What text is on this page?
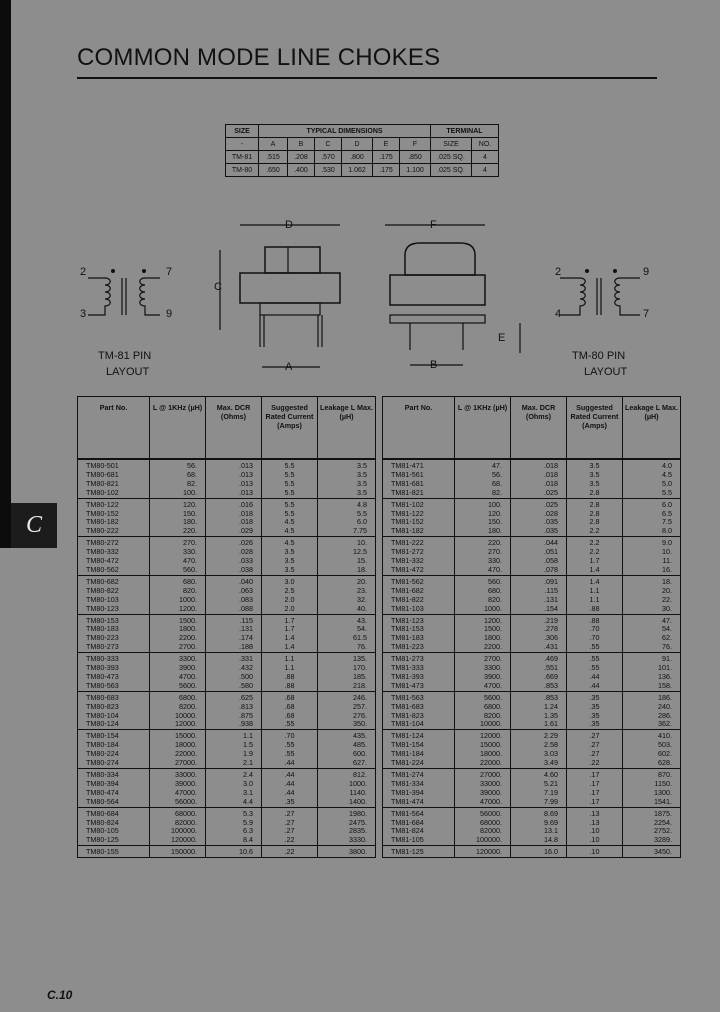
C
COMMON MODE LINE CHOKES
SIZE	TYPICAL DIMENSIONS						TERMINAL	
-	A	B	C	D	E	F	SIZE	NO.
TM-81	.515	.208	.570	.800	.175	.850	.025 SQ.	4
TM-80	.650	.400	.530	1.062	.175	1.100	.025 SQ.	4
2	7
3	9
TM-81 PIN
LAYOUT
2	9
4	7
TM-80 PIN
LAYOUT
D
C
A
F
E
B
Part No.	L @ 1KHz (µH)	Max. DCR (Ohms)	Suggested Rated Current (Amps)	Leakage L Max. (µH)
TM80-501	56.	.013	5.5	3.5
TM80-681	68.	.013	5.5	3.5
TM80-821	82.	.013	5.5	3.5
TM80-102	100.	.013	5.5	3.5
TM80-122	120.	.016	5.5	4.8
TM80-152	150.	.018	5.5	5.5
TM80-182	180.	.018	4.5	6.0
TM80-222	220.	.029	4.5	7.75
TM80-272	270.	.026	4.5	10.
TM80-332	330.	.028	3.5	12.5
TM80-472	470.	.033	3.5	15.
TM80-562	560.	.038	3.5	18.
TM80-682	680.	.040	3.0	20.
TM80-822	820.	.063	2.5	23.
TM80-103	1000.	.083	2.0	32.
TM80-123	1200.	.088	2.0	40.
TM80-153	1500.	.115	1.7	43.
TM80-183	1800.	.131	1.7	54.
TM80-223	2200.	.174	1.4	61.5
TM80-273	2700.	.188	1.4	76.
TM80-333	3300.	.331	1.1	135.
TM80-393	3900.	.432	1.1	170.
TM80-473	4700.	.500	.88	185.
TM80-563	5600.	.580	.88	218.
TM80-683	6800.	.625	.68	246.
TM80-823	8200.	.813	.68	257.
TM80-104	10000.	.875	.68	276.
TM80-124	12000.	.938	.55	350.
TM80-154	15000.	1.1	.70	435.
TM80-184	18000.	1.5	.55	485.
TM80-224	22000.	1.9	.55	600.
TM80-274	27000.	2.1	.44	627.
TM80-334	33000.	2.4	.44	812.
TM80-394	39000.	3.0	.44	1000.
TM80-474	47000.	3.1	.44	1140.
TM80-564	56000.	4.4	.35	1400.
TM80-684	68000.	5.3	.27	1980.
TM80-824	82000.	5.9	.27	2475.
TM80-105	100000.	6.3	.27	2835.
TM80-125	120000.	8.4	.22	3330.
TM80-155	150000.	10.6	.22	3800.
Part No.	L @ 1KHz (µH)	Max. DCR (Ohms)	Suggested Rated Current (Amps)	Leakage L Max. (µH)
TM81-471	47.	.018	3.5	4.0
TM81-561	56.	.018	3.5	4.5
TM81-681	68.	.018	3.5	5.0
TM81-821	82.	.025	2.8	5.5
TM81-102	100.	.025	2.8	6.0
TM81-122	120.	.028	2.8	6.5
TM81-152	150.	.035	2.8	7.5
TM81-182	180.	.035	2.2	8.0
TM81-222	220.	.044	2.2	9.0
TM81-272	270.	.051	2.2	10.
TM81-332	330.	.058	1.7	11.
TM81-472	470.	.078	1.4	16.
TM81-562	560.	.091	1.4	18.
TM81-682	680.	.115	1.1	20.
TM81-822	820.	.131	1.1	22.
TM81-103	1000.	.154	.88	30.
TM81-123	1200.	.219	.88	47.
TM81-153	1500.	.278	.70	54.
TM81-183	1800.	.306	.70	62.
TM81-223	2200.	.431	.55	76.
TM81-273	2700.	.469	.55	91.
TM81-333	3300.	.551	.55	101.
TM81-393	3900.	.669	.44	136.
TM81-473	4700.	.853	.44	158.
TM81-563	5600.	.853	.35	186.
TM81-683	6800.	1.24	.35	240.
TM81-823	8200.	1.35	.35	286.
TM81-104	10000.	1.61	.35	362.
TM81-124	12000.	2.29	.27	410.
TM81-154	15000.	2.58	.27	503.
TM81-184	18000.	3.03	.27	602.
TM81-224	22000.	3.49	.22	628.
TM81-274	27000.	4.60	.17	870.
TM81-334	33000.	5.21	.17	1150.
TM81-394	39000.	7.19	.17	1300.
TM81-474	47000.	7.99	.17	1541.
TM81-564	56000.	8.69	.13	1875.
TM81-684	68000.	9.69	.13	2254.
TM81-824	82000.	13.1	.10	2752.
TM81-105	100000.	14.8	.10	3289.
TM81-125	120000.	16.0	.10	3450.
C.10
